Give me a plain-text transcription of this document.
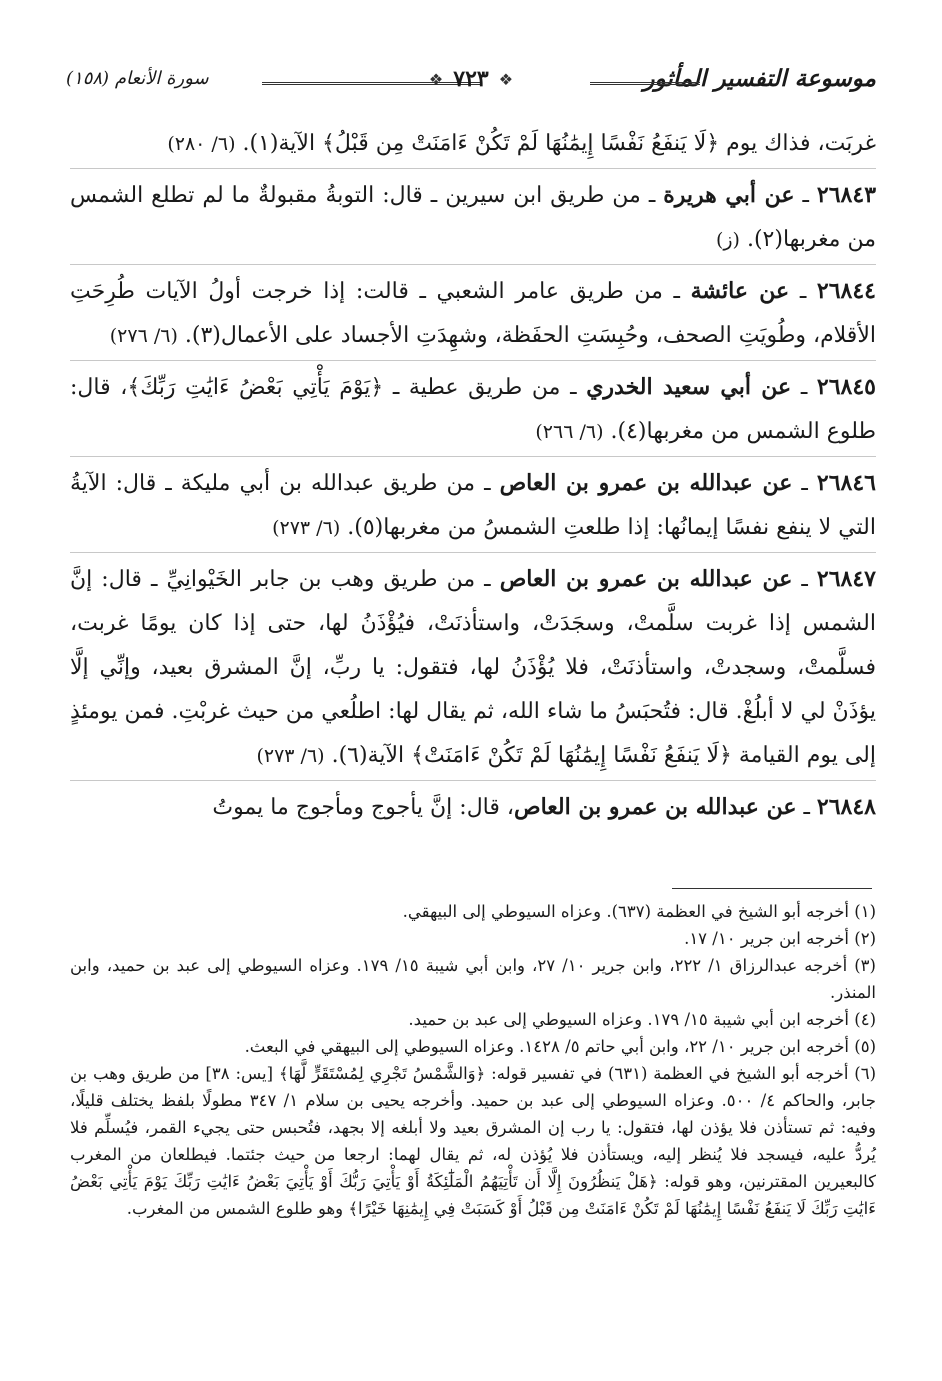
موسوعة التفسير المأثور
سورة الأنعام (١٥٨)	❖ ٧٢٣ ❖

غربَت، فذاك يوم ﴿لَا يَنفَعُ نَفْسًا إِيمَٰنُهَا لَمْ تَكُنْ ءَامَنَتْ مِن قَبْلُ﴾ الآية(١). (٦/ ٢٨٠)

٢٦٨٤٣ ـ عن أبي هريرة ـ من طريق ابن سيرين ـ قال: التوبةُ مقبولةٌ ما لم تطلع الشمس من مغربها(٢). (ز)

٢٦٨٤٤ ـ عن عائشة ـ من طريق عامر الشعبي ـ قالت: إذا خرجت أولُ الآيات طُرِحَتِ الأقلام، وطُويَتِ الصحف، وحُبِسَتِ الحفَظة، وشهِدَتِ الأجساد على الأعمال(٣). (٦/ ٢٧٦)

٢٦٨٤٥ ـ عن أبي سعيد الخدري ـ من طريق عطية ـ ﴿يَوْمَ يَأْتِي بَعْضُ ءَايَٰتِ رَبِّكَ﴾، قال: طلوع الشمس من مغربها(٤). (٦/ ٢٦٦)

٢٦٨٤٦ ـ عن عبدالله بن عمرو بن العاص ـ من طريق عبدالله بن أبي مليكة ـ قال: الآيةُ التي لا ينفع نفسًا إيمانُها: إذا طلعتِ الشمسُ من مغربها(٥). (٦/ ٢٧٣)

٢٦٨٤٧ ـ عن عبدالله بن عمرو بن العاص ـ من طريق وهب بن جابر الخَيْوانِيِّ ـ قال: إنَّ الشمس إذا غربت سلَّمتْ، وسجَدَتْ، واستأذنَتْ، فيُؤْذَنُ لها، حتى إذا كان يومًا غربت، فسلَّمتْ، وسجدتْ، واستأذنَتْ، فلا يُؤْذَنُ لها، فتقول: يا ربِّ، إنَّ المشرق بعيد، وإنِّي إلَّا يؤذَنْ لي لا أبلُغْ. قال: فتُحبَسُ ما شاء الله، ثم يقال لها: اطلُعي من حيث غربْتِ. فمن يومئذٍ إلى يوم القيامة ﴿لَا يَنفَعُ نَفْسًا إِيمَٰنُهَا لَمْ تَكُنْ ءَامَنَتْ﴾ الآية(٦). (٦/ ٢٧٣)

٢٦٨٤٨ ـ عن عبدالله بن عمرو بن العاص، قال: إنَّ يأجوج ومأجوج ما يموتُ

(١) أخرجه أبو الشيخ في العظمة (٦٣٧). وعزاه السيوطي إلى البيهقي.

(٢) أخرجه ابن جرير ١٠/ ١٧.

(٣) أخرجه عبدالرزاق ١/ ٢٢٢، وابن جرير ١٠/ ٢٧، وابن أبي شيبة ١٥/ ١٧٩. وعزاه السيوطي إلى عبد بن حميد، وابن المنذر.

(٤) أخرجه ابن أبي شيبة ١٥/ ١٧٩. وعزاه السيوطي إلى عبد بن حميد.

(٥) أخرجه ابن جرير ١٠/ ٢٢، وابن أبي حاتم ٥/ ١٤٢٨. وعزاه السيوطي إلى البيهقي في البعث.

(٦) أخرجه أبو الشيخ في العظمة (٦٣١) في تفسير قوله: ﴿وَالشَّمْسُ تَجْرِي لِمُسْتَقَرٍّ لَّهَا﴾ [يس: ٣٨] من طريق وهب بن جابر، والحاكم ٤/ ٥٠٠. وعزاه السيوطي إلى عبد بن حميد. وأخرجه يحيى بن سلام ١/ ٣٤٧ مطولًا بلفظ يختلف قليلًا، وفيه: ثم تستأذن فلا يؤذن لها، فتقول: يا رب إن المشرق بعيد ولا أبلغه إلا بجهد، فتُحبس حتى يجيء القمر، فيُسلِّم فلا يُردُّ عليه، فيسجد فلا يُنظر إليه، ويستأذن فلا يُؤذن له، ثم يقال لهما: ارجعا من حيث جئتما. فيطلعان من المغرب كالبعيرين المقترنين، وهو قوله: ﴿هَلْ يَنظُرُونَ إِلَّا أَن تَأْتِيَهُمُ الْمَلَٰٓئِكَةُ أَوْ يَأْتِيَ رَبُّكَ أَوْ يَأْتِيَ بَعْضُ ءَايَٰتِ رَبِّكَ يَوْمَ يَأْتِي بَعْضُ ءَايَٰتِ رَبِّكَ لَا يَنفَعُ نَفْسًا إِيمَٰنُهَا لَمْ تَكُنْ ءَامَنَتْ مِن قَبْلُ أَوْ كَسَبَتْ فِي إِيمَٰنِهَا خَيْرًا﴾ وهو طلوع الشمس من المغرب.
